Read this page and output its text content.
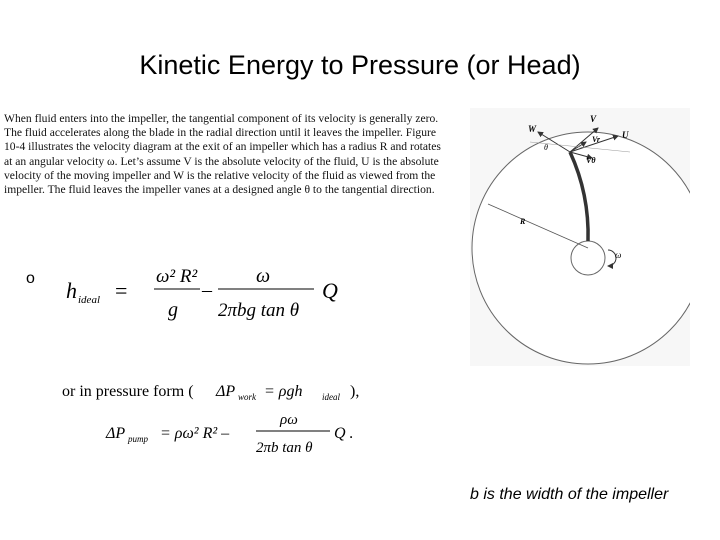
Kinetic Energy to Pressure (or Head)
When fluid enters into the impeller, the tangential component of its velocity is generally zero.
The fluid accelerates along the blade in the radial direction until it leaves the impeller. Figure
10-4 illustrates the velocity diagram at the exit of an impeller which has a radius R and rotates
at an angular velocity ω. Let’s assume V is the absolute velocity of the fluid, U is the absolute
velocity of the moving impeller and W is the relative velocity of the fluid as viewed from the
impeller. The fluid leaves the impeller vanes at a designed angle θ to the tangential direction.
W
V
U
Vr
Vθ
θ
R
ω
o h ideal =
ω² R²
g
–
ω
2πbg tan θ
Q
or in pressure form ( ΔP work = ρgh ideal ),
ΔP pump = ρω² R² –
ρω
2πb tan θ
Q .
b is the width of the impeller
